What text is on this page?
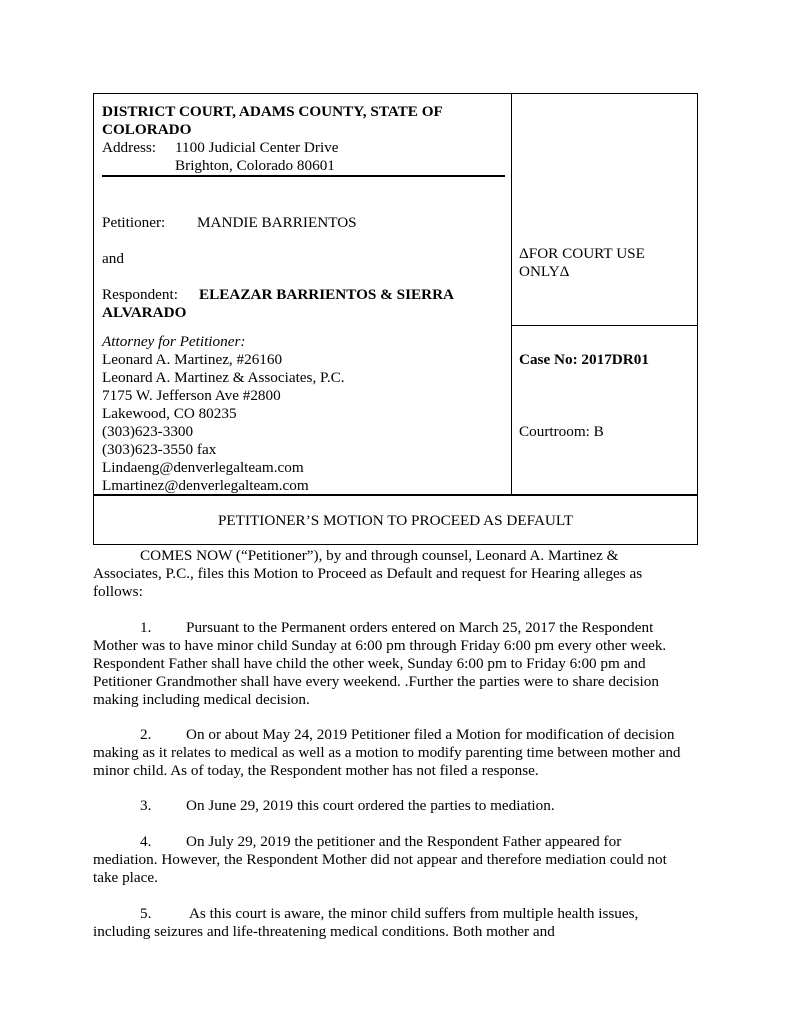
DISTRICT COURT, ADAMS COUNTY, STATE OF
COLORADO
Address: 1100 Judicial Center Drive
Brighton, Colorado 80601
Petitioner: MANDIE BARRIENTOS
and
Respondent: ELEAZAR BARRIENTOS & SIERRA
ALVARADO
ΔFOR COURT USE
ONLYΔ
Attorney for Petitioner:
Leonard A. Martinez, #26160
Leonard A. Martinez & Associates, P.C.
7175 W. Jefferson Ave #2800
Lakewood, CO 80235
(303)623-3300
(303)623-3550 fax
Lindaeng@denverlegalteam.com
Lmartinez@denverlegalteam.com
Case No: 2017DR01
Courtroom: B
PETITIONER’S MOTION TO PROCEED AS DEFAULT
COMES NOW (“Petitioner”), by and through counsel, Leonard A. Martinez &
Associates, P.C., files this Motion to Proceed as Default and request for Hearing alleges as
follows:
1. Pursuant to the Permanent orders entered on March 25, 2017 the Respondent
Mother was to have minor child Sunday at 6:00 pm through Friday 6:00 pm every other week.
Respondent Father shall have child the other week, Sunday 6:00 pm to Friday 6:00 pm and
Petitioner Grandmother shall have every weekend. .Further the parties were to share decision
making including medical decision.
2. On or about May 24, 2019 Petitioner filed a Motion for modification of decision
making as it relates to medical as well as a motion to modify parenting time between mother and
minor child. As of today, the Respondent mother has not filed a response.
3. On June 29, 2019 this court ordered the parties to mediation.
4. On July 29, 2019 the petitioner and the Respondent Father appeared for
mediation. However, the Respondent Mother did not appear and therefore mediation could not
take place.
5. As this court is aware, the minor child suffers from multiple health issues,
including seizures and life-threatening medical conditions. Both mother and
